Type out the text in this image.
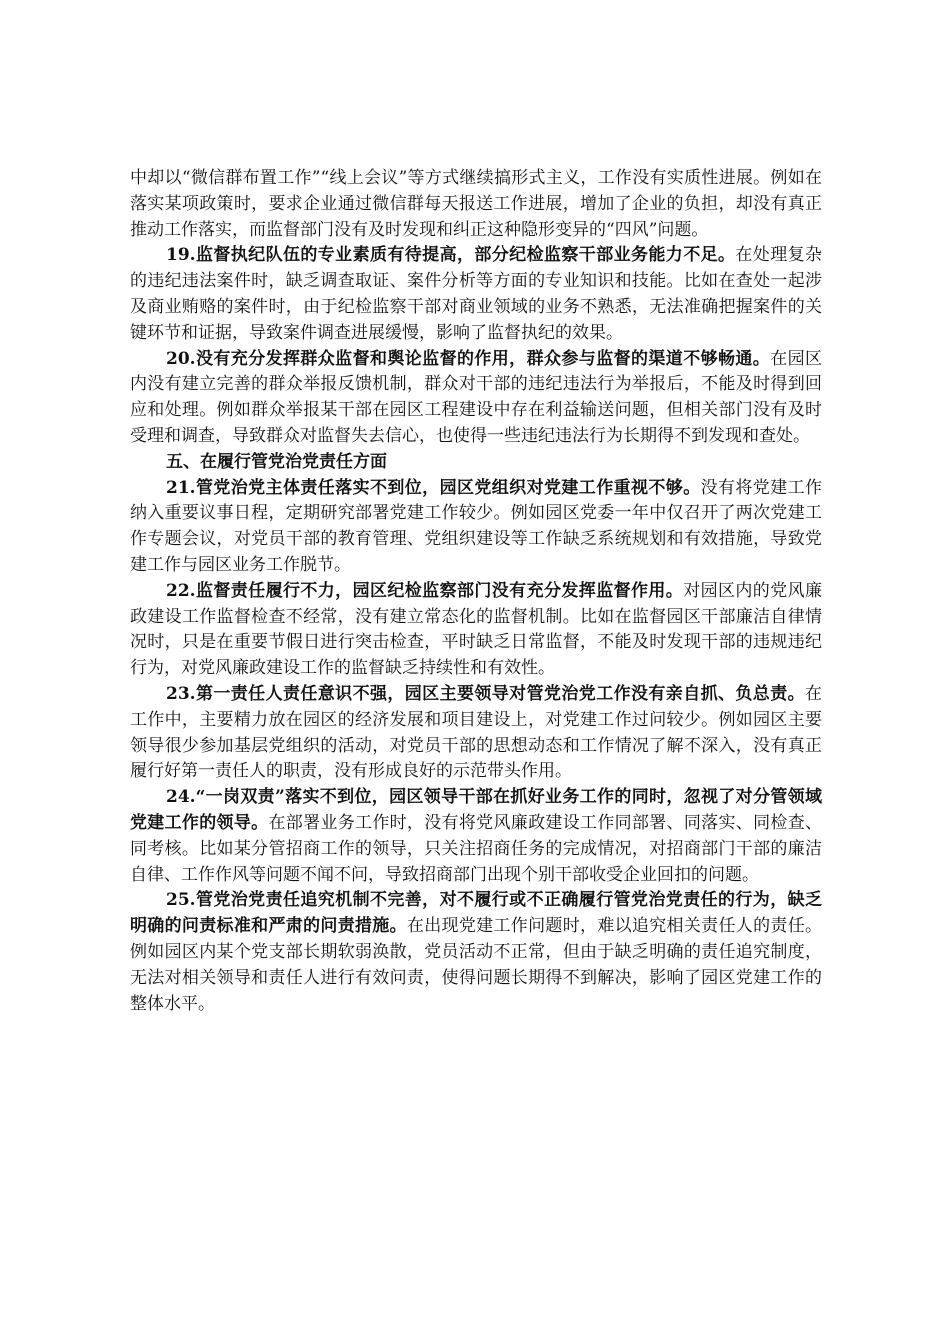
中却以“微信群布置工作”“线上会议”等方式继续搞形式主义，工作没有实质性进展。例如在落实某项政策时，要求企业通过微信群每天报送工作进展，增加了企业的负担，却没有真正推动工作落实，而监督部门没有及时发现和纠正这种隐形变异的“四风”问题。

19.监督执纪队伍的专业素质有待提高，部分纪检监察干部业务能力不足。在处理复杂的违纪违法案件时，缺乏调查取证、案件分析等方面的专业知识和技能。比如在查处一起涉及商业贿赂的案件时，由于纪检监察干部对商业领域的业务不熟悉，无法准确把握案件的关键环节和证据，导致案件调查进展缓慢，影响了监督执纪的效果。

20.没有充分发挥群众监督和舆论监督的作用，群众参与监督的渠道不够畅通。在园区内没有建立完善的群众举报反馈机制，群众对干部的违纪违法行为举报后，不能及时得到回应和处理。例如群众举报某干部在园区工程建设中存在利益输送问题，但相关部门没有及时受理和调查，导致群众对监督失去信心，也使得一些违纪违法行为长期得不到发现和查处。

五、在履行管党治党责任方面

21.管党治党主体责任落实不到位，园区党组织对党建工作重视不够。没有将党建工作纳入重要议事日程，定期研究部署党建工作较少。例如园区党委一年中仅召开了两次党建工作专题会议，对党员干部的教育管理、党组织建设等工作缺乏系统规划和有效措施，导致党建工作与园区业务工作脱节。

22.监督责任履行不力，园区纪检监察部门没有充分发挥监督作用。对园区内的党风廉政建设工作监督检查不经常，没有建立常态化的监督机制。比如在监督园区干部廉洁自律情况时，只是在重要节假日进行突击检查，平时缺乏日常监督，不能及时发现干部的违规违纪行为，对党风廉政建设工作的监督缺乏持续性和有效性。

23.第一责任人责任意识不强，园区主要领导对管党治党工作没有亲自抓、负总责。在工作中，主要精力放在园区的经济发展和项目建设上，对党建工作过问较少。例如园区主要领导很少参加基层党组织的活动，对党员干部的思想动态和工作情况了解不深入，没有真正履行好第一责任人的职责，没有形成良好的示范带头作用。

24.“一岗双责”落实不到位，园区领导干部在抓好业务工作的同时，忽视了对分管领域党建工作的领导。在部署业务工作时，没有将党风廉政建设工作同部署、同落实、同检查、同考核。比如某分管招商工作的领导，只关注招商任务的完成情况，对招商部门干部的廉洁自律、工作作风等问题不闻不问，导致招商部门出现个别干部收受企业回扣的问题。

25.管党治党责任追究机制不完善，对不履行或不正确履行管党治党责任的行为，缺乏明确的问责标准和严肃的问责措施。在出现党建工作问题时，难以追究相关责任人的责任。例如园区内某个党支部长期软弱涣散，党员活动不正常，但由于缺乏明确的责任追究制度，无法对相关领导和责任人进行有效问责，使得问题长期得不到解决，影响了园区党建工作的整体水平。
